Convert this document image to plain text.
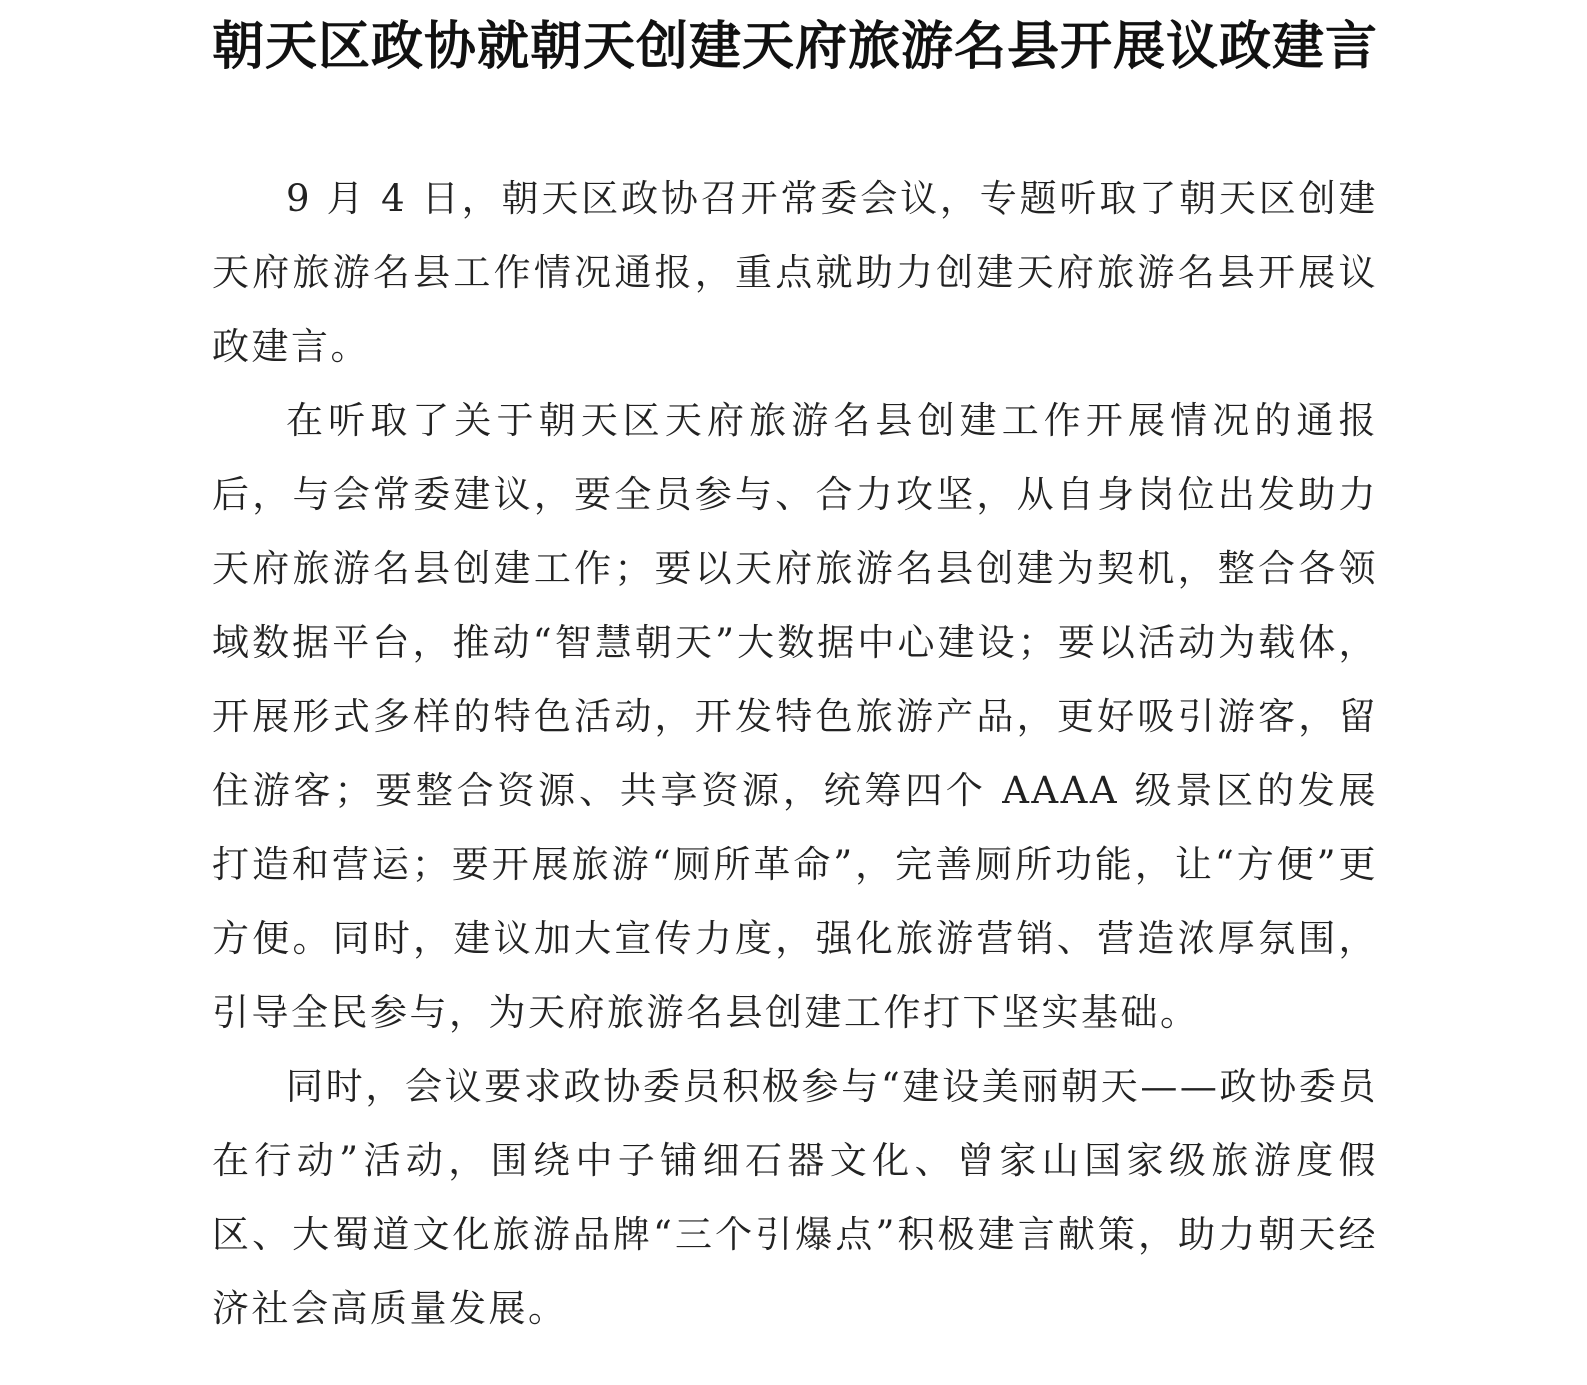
朝天区政协就朝天创建天府旅游名县开展议政建言

9 月 4 日，朝天区政协召开常委会议，专题听取了朝天区创建天府旅游名县工作情况通报，重点就助力创建天府旅游名县开展议政建言。

在听取了关于朝天区天府旅游名县创建工作开展情况的通报后，与会常委建议，要全员参与、合力攻坚，从自身岗位出发助力天府旅游名县创建工作；要以天府旅游名县创建为契机，整合各领域数据平台，推动“智慧朝天”大数据中心建设；要以活动为载体，开展形式多样的特色活动，开发特色旅游产品，更好吸引游客，留住游客；要整合资源、共享资源，统筹四个 AAAA 级景区的发展打造和营运；要开展旅游“厕所革命”，完善厕所功能，让“方便”更方便。同时，建议加大宣传力度，强化旅游营销、营造浓厚氛围，引导全民参与，为天府旅游名县创建工作打下坚实基础。

同时，会议要求政协委员积极参与“建设美丽朝天——政协委员在行动”活动，围绕中子铺细石器文化、曾家山国家级旅游度假区、大蜀道文化旅游品牌“三个引爆点”积极建言献策，助力朝天经济社会高质量发展。
